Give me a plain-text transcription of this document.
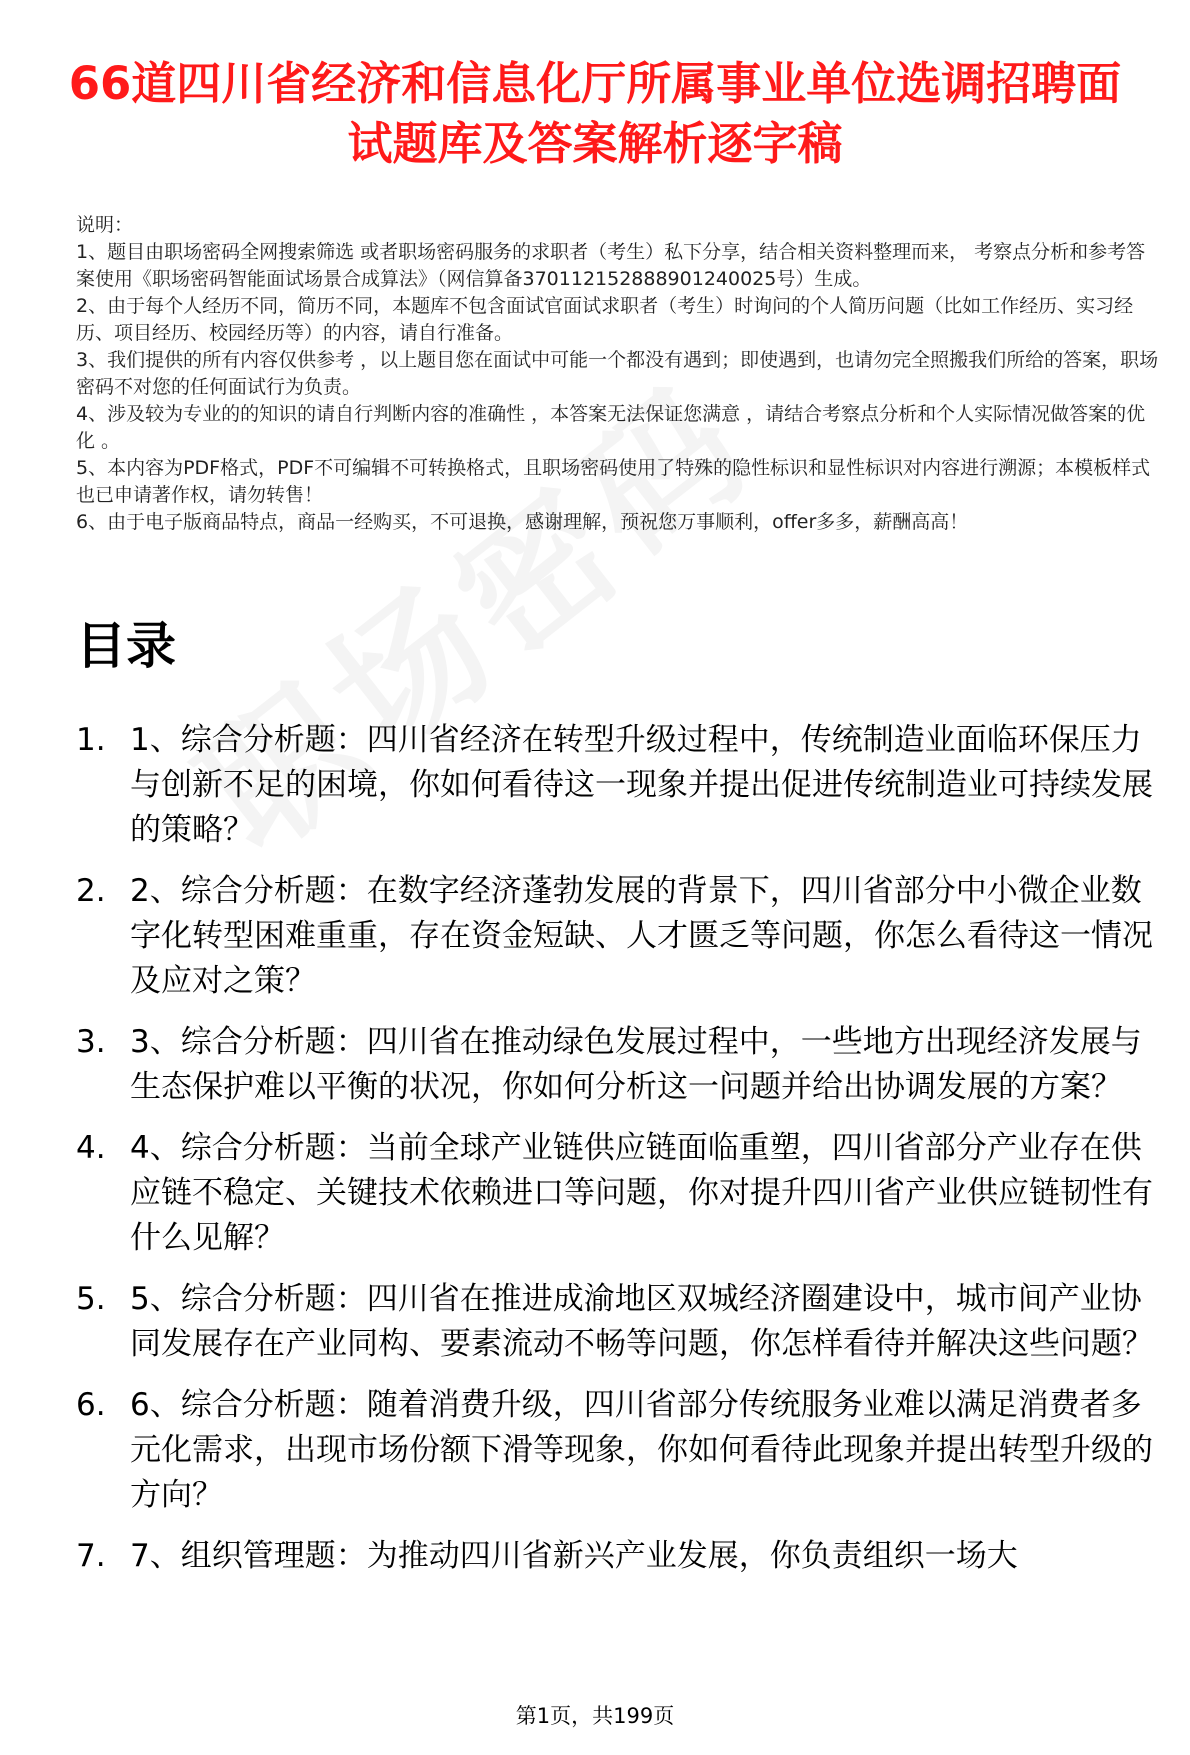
66道四川省经济和信息化厅所属事业单位选调招聘面试题库及答案解析逐字稿

说明：

1、题目由职场密码全网搜索筛选 或者职场密码服务的求职者（考生）私下分享，结合相关资料整理而来， 考察点分析和参考答案使用《职场密码智能面试场景合成算法》（网信算备370112152888901240025号）生成。

2、由于每个人经历不同，简历不同，本题库不包含面试官面试求职者（考生）时询问的个人简历问题（比如工作经历、实习经历、项目经历、校园经历等）的内容，请自行准备。

3、我们提供的所有内容仅供参考 ，以上题目您在面试中可能一个都没有遇到；即使遇到，也请勿完全照搬我们所给的答案，职场密码不对您的任何面试行为负责。

4、涉及较为专业的的知识的请自行判断内容的准确性 ，本答案无法保证您满意 ，请结合考察点分析和个人实际情况做答案的优化 。

5、本内容为PDF格式，PDF不可编辑不可转换格式，且职场密码使用了特殊的隐性标识和显性标识对内容进行溯源；本模板样式也已申请著作权，请勿转售！

6、由于电子版商品特点，商品一经购买，不可退换，感谢理解，预祝您万事顺利，offer多多，薪酬高高！

目录
1. 1、综合分析题：四川省经济在转型升级过程中，传统制造业面临环保压力与创新不足的困境，你如何看待这一现象并提出促进传统制造业可持续发展的策略？
2. 2、综合分析题：在数字经济蓬勃发展的背景下，四川省部分中小微企业数字化转型困难重重，存在资金短缺、人才匮乏等问题，你怎么看待这一情况及应对之策？
3. 3、综合分析题：四川省在推动绿色发展过程中，一些地方出现经济发展与生态保护难以平衡的状况，你如何分析这一问题并给出协调发展的方案？
4. 4、综合分析题：当前全球产业链供应链面临重塑，四川省部分产业存在供应链不稳定、关键技术依赖进口等问题，你对提升四川省产业供应链韧性有什么见解？
5. 5、综合分析题：四川省在推进成渝地区双城经济圈建设中，城市间产业协同发展存在产业同构、要素流动不畅等问题，你怎样看待并解决这些问题？
6. 6、综合分析题：随着消费升级，四川省部分传统服务业难以满足消费者多元化需求，出现市场份额下滑等现象，你如何看待此现象并提出转型升级的方向？
7. 7、组织管理题：为推动四川省新兴产业发展，你负责组织一场大
第1页，共199页
